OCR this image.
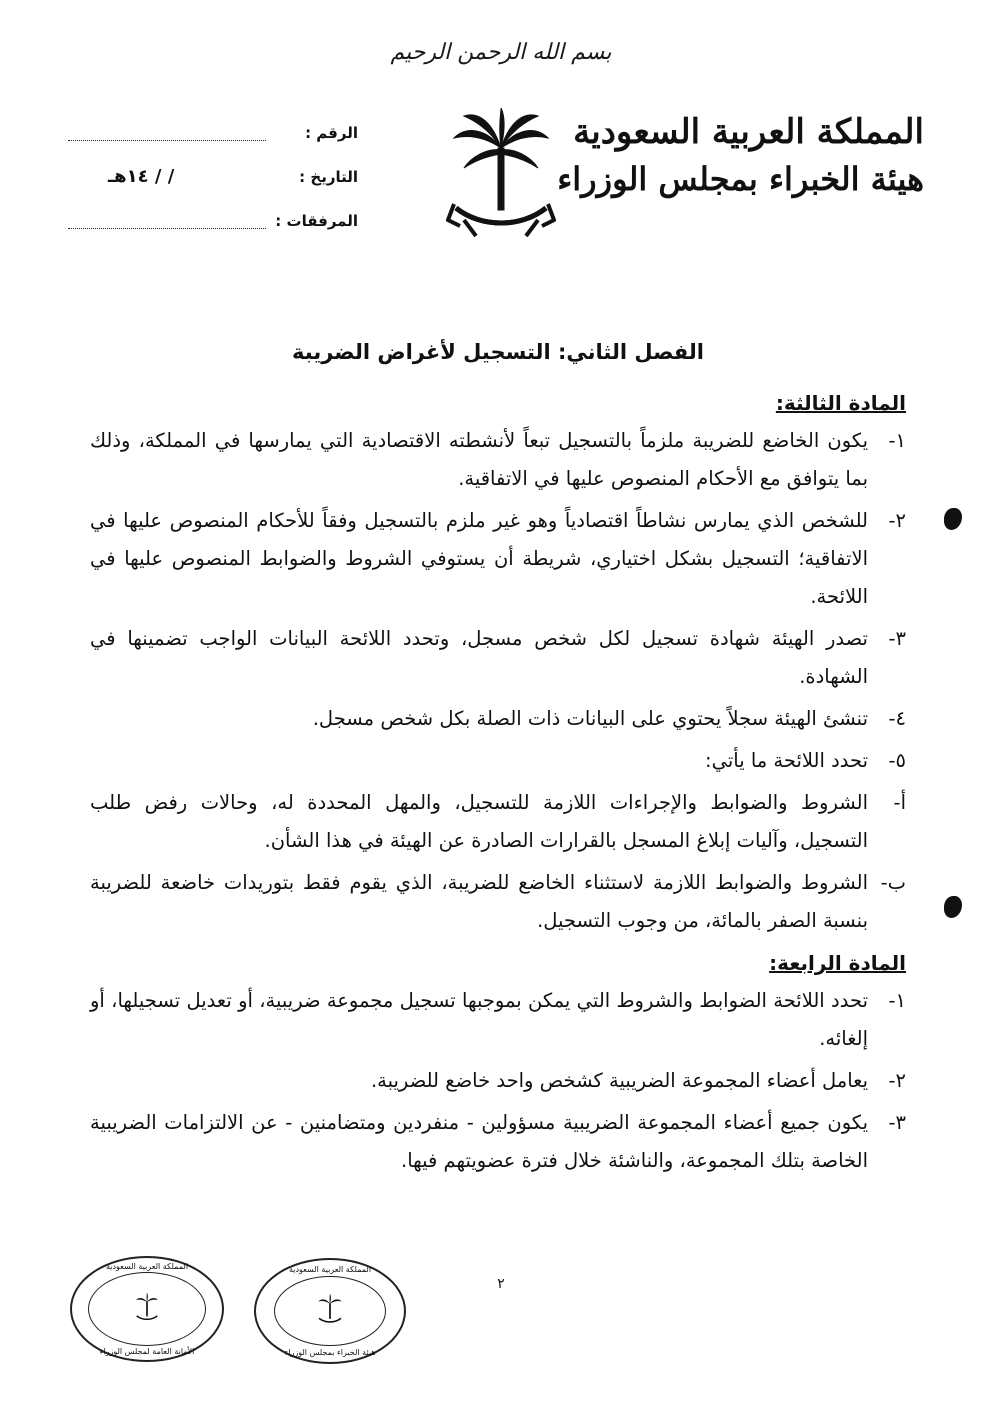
بسم الله الرحمن الرحيم
المملكة العربية السعودية
هيئة الخبراء بمجلس الوزراء
الرقم :
التاريخ :
/ / ١٤هـ
المرفقات :
الفصل الثاني: التسجيل لأغراض الضريبة
المادة الثالثة:
١-
يكون الخاضع للضريبة ملزماً بالتسجيل تبعاً لأنشطته الاقتصادية التي يمارسها في المملكة، وذلك بما يتوافق مع الأحكام المنصوص عليها في الاتفاقية.
٢-
للشخص الذي يمارس نشاطاً اقتصادياً وهو غير ملزم بالتسجيل وفقاً للأحكام المنصوص عليها في الاتفاقية؛ التسجيل بشكل اختياري، شريطة أن يستوفي الشروط والضوابط المنصوص عليها في اللائحة.
٣-
تصدر الهيئة شهادة تسجيل لكل شخص مسجل، وتحدد اللائحة البيانات الواجب تضمينها في الشهادة.
٤-
تنشئ الهيئة سجلاً يحتوي على البيانات ذات الصلة بكل شخص مسجل.
٥-
تحدد اللائحة ما يأتي:
أ-
الشروط والضوابط والإجراءات اللازمة للتسجيل، والمهل المحددة له، وحالات رفض طلب التسجيل، وآليات إبلاغ المسجل بالقرارات الصادرة عن الهيئة في هذا الشأن.
ب-
الشروط والضوابط اللازمة لاستثناء الخاضع للضريبة، الذي يقوم فقط بتوريدات خاضعة للضريبة بنسبة الصفر بالمائة، من وجوب التسجيل.
المادة الرابعة:
١-
تحدد اللائحة الضوابط والشروط التي يمكن بموجبها تسجيل مجموعة ضريبية، أو تعديل تسجيلها، أو إلغائه.
٢-
يعامل أعضاء المجموعة الضريبية كشخص واحد خاضع للضريبة.
٣-
يكون جميع أعضاء المجموعة الضريبية مسؤولين - منفردين ومتضامنين - عن الالتزامات الضريبية الخاصة بتلك المجموعة، والناشئة خلال فترة عضويتهم فيها.
٢
المملكة العربية السعودية
الأمانة العامة لمجلس الوزراء
المملكة العربية السعودية
هيئة الخبراء بمجلس الوزراء
